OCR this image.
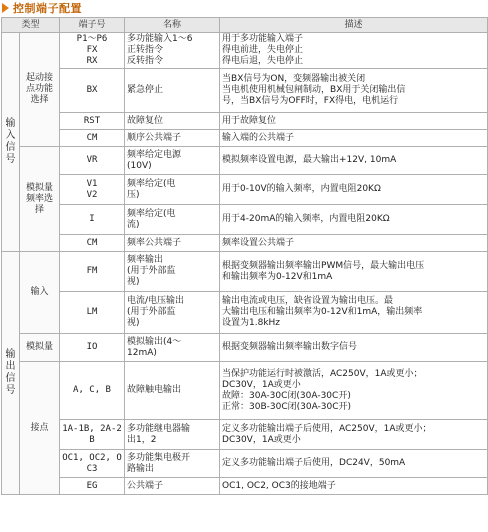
控制端子配置
类型		端子号	名称	描述

输入信号	起动接点功能选择	P1～P6
FX
RX	多功能输入1～6
正转指令
反转指令	用于多功能输入端子
得电前进，失电停止
得电后退，失电停止

		BX	紧急停止	当BX信号为ON，变频器输出被关闭
当电机使用机械包闸制动，BX用于关闭输出信
号，当BX信号为OFF时，FX得电，电机运行

		RST	故障复位	用于故障复位

		CM	顺序公共端子	输入端的公共端子

	模拟量频率选择	VR	频率给定电源
(10V)	模拟频率设置电源，最大输出+12V, 10mA

		V1
V2	频率给定(电
压)	用于0-10V的输入频率，内置电阻20KΩ

		I	频率给定(电
流)	用于4-20mA的输入频率，内置电阻20KΩ

		CM	频率公共端子	频率设置公共端子

输出信号	输入	FM	频率输出
(用于外部监
视)	根据变频器输出频率输出PWM信号，最大输出电压
和输出频率为0-12V和1mA

		LM	电流/电压输出
(用于外部监
视)	输出电流或电压，缺省设置为输出电压。最
大输出电压和输出频率为0-12V和1mA，输出频率
设置为1.8kHz

	模拟量	IO	模拟输出(4～
12mA)	根据变频器输出频率输出数字信号

	接点	A, C, B	故障触电输出	当保护功能运行时被激活，AC250V，1A或更小；
DC30V，1A或更小
故障：30A-30C闭(30A-30C开)
正常：30B-30C闭(30A-30C开)

		1A-1B, 2A-2B	多功能继电器输
出1，2	定义多功能输出端子后使用，AC250V，1A或更小；
DC30V，1A或更小

		OC1, OC2, OC3	多功能集电极开
路输出	定义多功能输出端子后使用，DC24V，50mA

		EG	公共端子	OC1, OC2, OC3的接地端子
